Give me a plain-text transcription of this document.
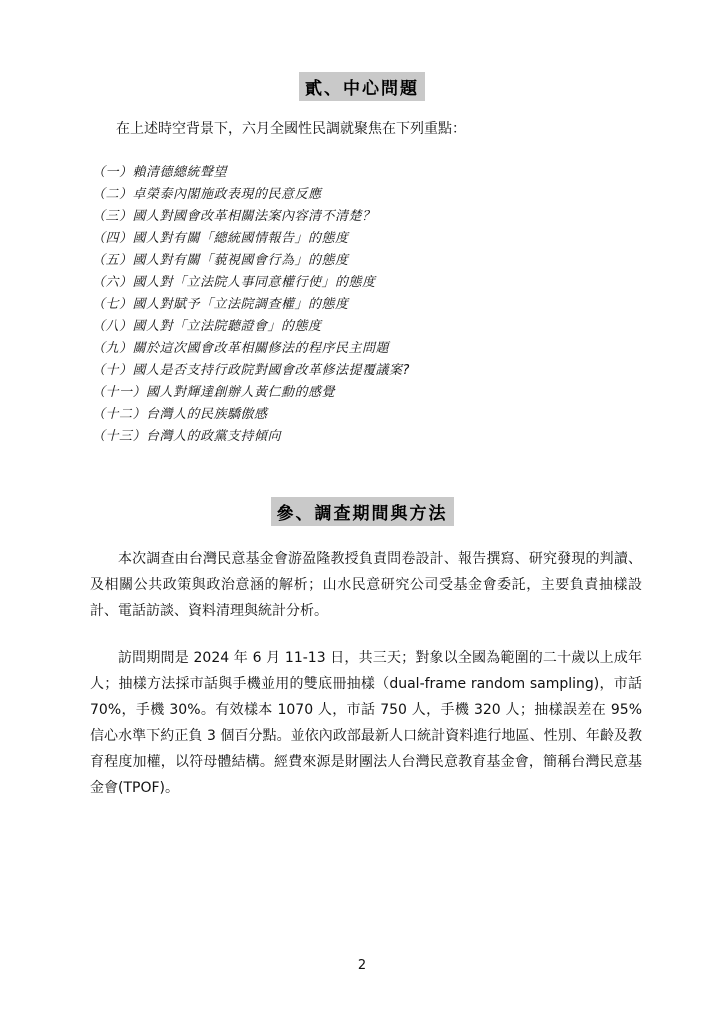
貳、中心問題
在上述時空背景下，六月全國性民調就聚焦在下列重點：
（一）賴清德總統聲望
（二）卓榮泰內閣施政表現的民意反應
（三）國人對國會改革相關法案內容清不清楚？
（四）國人對有關「總統國情報告」的態度
（五）國人對有關「藐視國會行為」的態度
（六）國人對「立法院人事同意權行使」的態度
（七）國人對賦予「立法院調查權」的態度
（八）國人對「立法院聽證會」的態度
（九）關於這次國會改革相關修法的程序民主問題
（十）國人是否支持行政院對國會改革修法提覆議案?
（十一）國人對輝達創辦人黃仁勳的感覺
（十二）台灣人的民族驕傲感
（十三）台灣人的政黨支持傾向
參、調查期間與方法

本次調查由台灣民意基金會游盈隆教授負責問卷設計、報告撰寫、研究發現的判讀、及相關公共政策與政治意涵的解析；山水民意研究公司受基金會委託，主要負責抽樣設計、電話訪談、資料清理與統計分析。

訪問期間是 2024 年 6 月 11-13 日，共三天；對象以全國為範圍的二十歲以上成年人；抽樣方法採市話與手機並用的雙底冊抽樣（dual-frame random sampling)，市話 70%，手機 30%。有效樣本 1070 人，市話 750 人，手機 320 人；抽樣誤差在 95%信心水準下約正負 3 個百分點。並依內政部最新人口統計資料進行地區、性別、年齡及教育程度加權，以符母體結構。經費來源是財團法人台灣民意教育基金會，簡稱台灣民意基金會(TPOF)。

2
